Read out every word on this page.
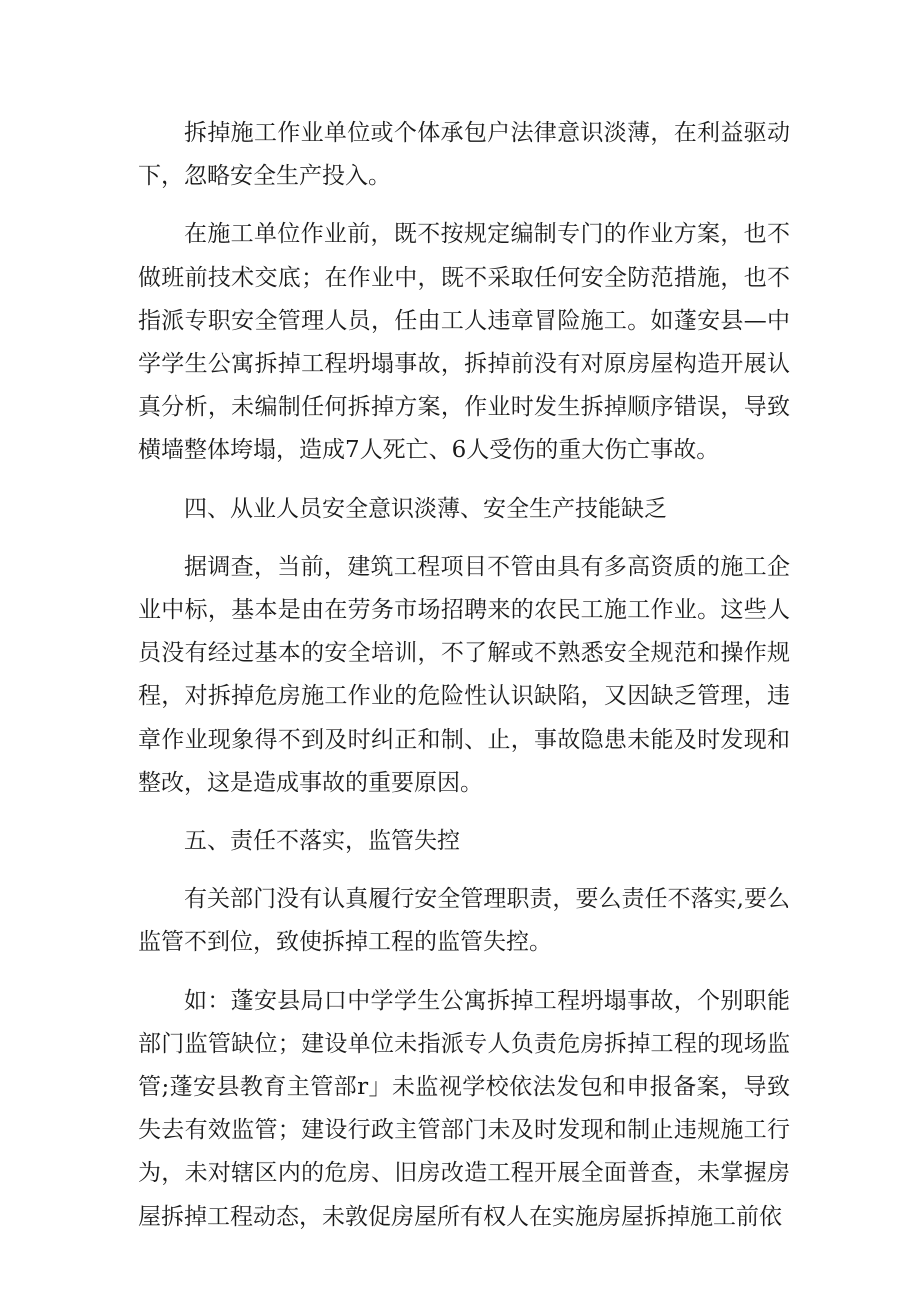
拆掉施工作业单位或个体承包户法律意识淡薄，在利益驱动下，忽略安全生产投入。

在施工单位作业前，既不按规定编制专门的作业方案，也不做班前技术交底；在作业中，既不采取任何安全防范措施，也不指派专职安全管理人员，任由工人违章冒险施工。如蓬安县—中学学生公寓拆掉工程坍塌事故，拆掉前没有对原房屋构造开展认真分析，未编制任何拆掉方案，作业时发生拆掉顺序错误，导致横墙整体垮塌，造成7人死亡、6人受伤的重大伤亡事故。

四、从业人员安全意识淡薄、安全生产技能缺乏

据调查，当前，建筑工程项目不管由具有多高资质的施工企业中标，基本是由在劳务市场招聘来的农民工施工作业。这些人员没有经过基本的安全培训，不了解或不熟悉安全规范和操作规程，对拆掉危房施工作业的危险性认识缺陷，又因缺乏管理，违章作业现象得不到及时纠正和制、止，事故隐患未能及时发现和整改，这是造成事故的重要原因。

五、责任不落实，监管失控

有关部门没有认真履行安全管理职责，要么责任不落实,要么监管不到位，致使拆掉工程的监管失控。

如：蓬安县局口中学学生公寓拆掉工程坍塌事故，个别职能部门监管缺位；建设单位未指派专人负责危房拆掉工程的现场监管;蓬安县教育主管部r」未监视学校依法发包和申报备案，导致失去有效监管；建设行政主管部门未及时发现和制止违规施工行为，未对辖区内的危房、旧房改造工程开展全面普查，未掌握房屋拆掉工程动态，未敦促房屋所有权人在实施房屋拆掉施工前依
